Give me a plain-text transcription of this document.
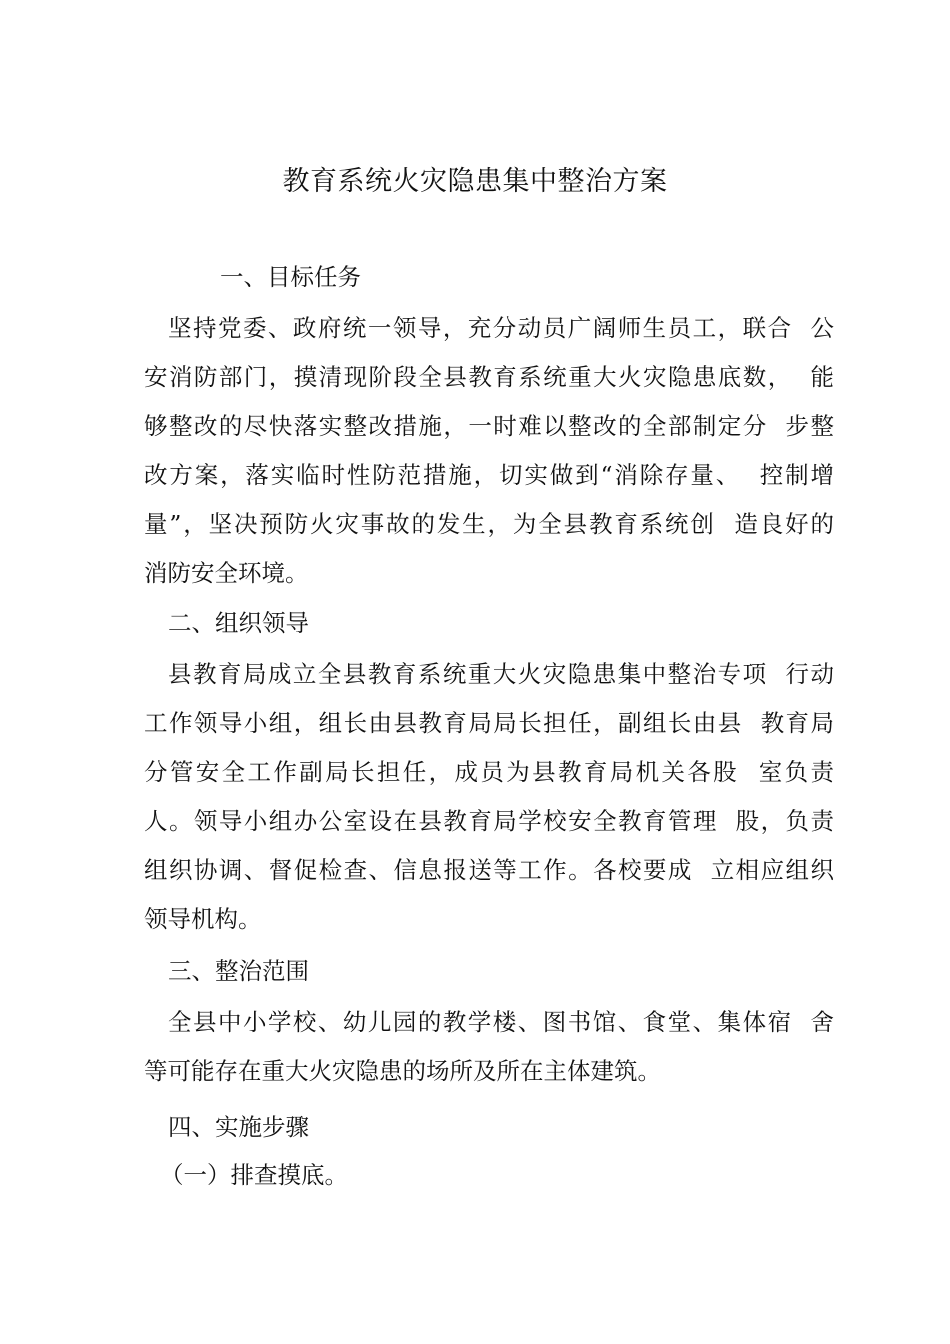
教育系统火灾隐患集中整治方案
一、目标任务
坚持党委、政府统一领导，充分动员广阔师生员工，联合  公
安消防部门，摸清现阶段全县教育系统重大火灾隐患底数，  能
够整改的尽快落实整改措施，一时难以整改的全部制定分  步整
改方案，落实临时性防范措施，切实做到“消除存量、  控制增
量”，坚决预防火灾事故的发生，为全县教育系统创  造良好的
消防安全环境。
二、组织领导
县教育局成立全县教育系统重大火灾隐患集中整治专项  行动
工作领导小组，组长由县教育局局长担任，副组长由县  教育局
分管安全工作副局长担任，成员为县教育局机关各股  室负责
人。领导小组办公室设在县教育局学校安全教育管理  股，负责
组织协调、督促检查、信息报送等工作。各校要成  立相应组织
领导机构。
三、整治范围
全县中小学校、幼儿园的教学楼、图书馆、食堂、集体宿  舍
等可能存在重大火灾隐患的场所及所在主体建筑。
四、实施步骤
（一）排查摸底。
